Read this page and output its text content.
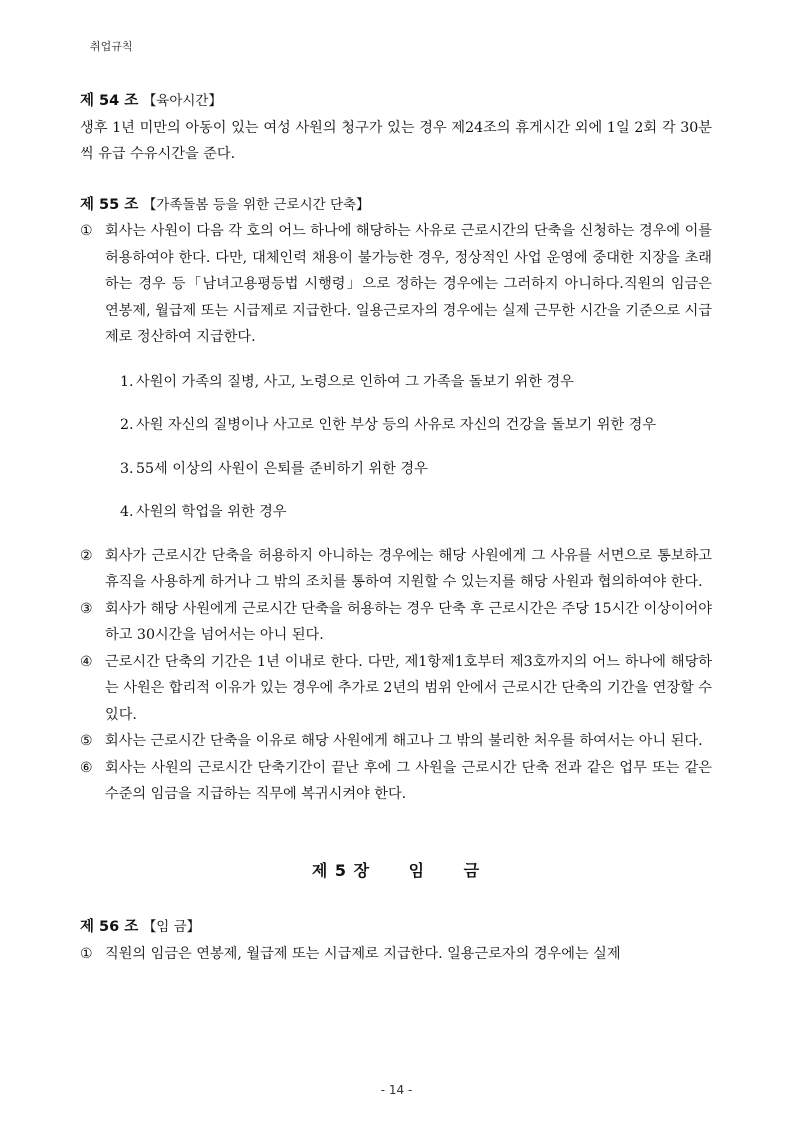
취업규칙

제 54 조 【육아시간】

생후 1년 미만의 아동이 있는 여성 사원의 청구가 있는 경우 제24조의 휴게시간 외에 1일 2회 각 30분씩 유급 수유시간을 준다.

제 55 조 【가족돌봄 등을 위한 근로시간 단축】

① 회사는 사원이 다음 각 호의 어느 하나에 해당하는 사유로 근로시간의 단축을 신청하는 경우에 이를 허용하여야 한다. 다만, 대체인력 채용이 불가능한 경우, 정상적인 사업 운영에 중대한 지장을 초래하는 경우 등「남녀고용평등법 시행령」으로 정하는 경우에는 그러하지 아니하다.직원의 임금은 연봉제, 월급제 또는 시급제로 지급한다. 일용근로자의 경우에는 실제 근무한 시간을 기준으로 시급제로 정산하여 지급한다.
1. 사원이 가족의 질병, 사고, 노령으로 인하여 그 가족을 돌보기 위한 경우
2. 사원 자신의 질병이나 사고로 인한 부상 등의 사유로 자신의 건강을 돌보기 위한 경우
3. 55세 이상의 사원이 은퇴를 준비하기 위한 경우
4. 사원의 학업을 위한 경우
② 회사가 근로시간 단축을 허용하지 아니하는 경우에는 해당 사원에게 그 사유를 서면으로 통보하고 휴직을 사용하게 하거나 그 밖의 조치를 통하여 지원할 수 있는지를 해당 사원과 협의하여야 한다.
③ 회사가 해당 사원에게 근로시간 단축을 허용하는 경우 단축 후 근로시간은 주당 15시간 이상이어야 하고 30시간을 넘어서는 아니 된다.
④ 근로시간 단축의 기간은 1년 이내로 한다. 다만, 제1항제1호부터 제3호까지의 어느 하나에 해당하는 사원은 합리적 이유가 있는 경우에 추가로 2년의 범위 안에서 근로시간 단축의 기간을 연장할 수 있다.
⑤ 회사는 근로시간 단축을 이유로 해당 사원에게 해고나 그 밖의 불리한 처우를 하여서는 아니 된다.
⑥ 회사는 사원의 근로시간 단축기간이 끝난 후에 그 사원을 근로시간 단축 전과 같은 업무 또는 같은 수준의 임금을 지급하는 직무에 복귀시켜야 한다.
제 5 장 임 금

제 56 조 【임 금】

① 직원의 임금은 연봉제, 월급제 또는 시급제로 지급한다. 일용근로자의 경우에는 실제
- 14 -
